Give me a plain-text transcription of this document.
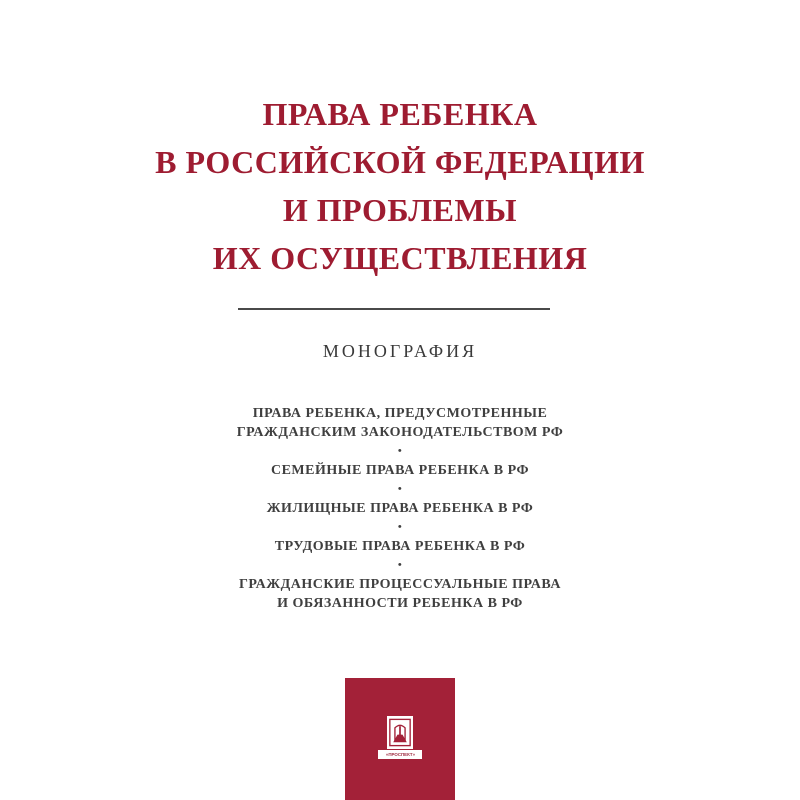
ПРАВА РЕБЕНКА
В РОССИЙСКОЙ ФЕДЕРАЦИИ
И ПРОБЛЕМЫ
ИХ ОСУЩЕСТВЛЕНИЯ
МОНОГРАФИЯ
ПРАВА РЕБЕНКА, ПРЕДУСМОТРЕННЫЕ
ГРАЖДАНСКИМ ЗАКОНОДАТЕЛЬСТВОМ РФ
•
СЕМЕЙНЫЕ ПРАВА РЕБЕНКА В РФ
•
ЖИЛИЩНЫЕ ПРАВА РЕБЕНКА В РФ
•
ТРУДОВЫЕ ПРАВА РЕБЕНКА В РФ
•
ГРАЖДАНСКИЕ ПРОЦЕССУАЛЬНЫЕ ПРАВА
И ОБЯЗАННОСТИ РЕБЕНКА В РФ
«ПРОСПЕКТ»
